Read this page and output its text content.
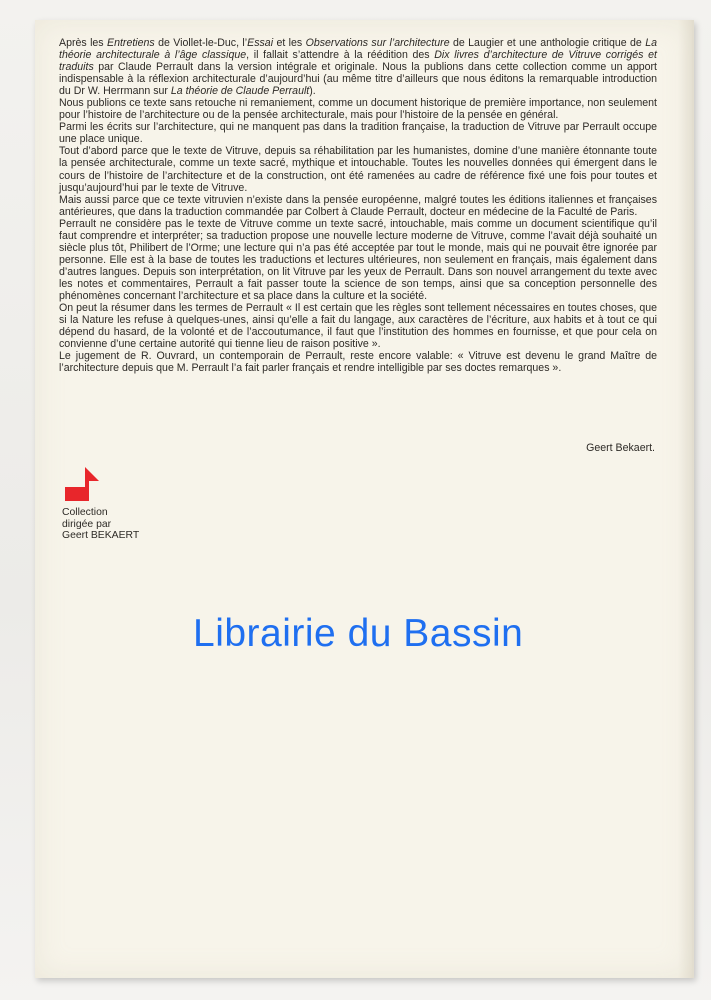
Après les Entretiens de Viollet-le-Duc, l’Essai et les Observations sur l’architecture de Laugier et une anthologie critique de La théorie architecturale à l’âge classique, il fallait s’attendre à la réédition des Dix livres d’architecture de Vitruve corrigés et traduits par Claude Perrault dans la version intégrale et originale. Nous la publions dans cette collection comme un apport indispensable à la réflexion architecturale d’aujourd’hui (au même titre d’ailleurs que nous éditons la remarquable introduction du Dr W. Herrmann sur La théorie de Claude Perrault).

Nous publions ce texte sans retouche ni remaniement, comme un document historique de première importance, non seulement pour l’histoire de l’architecture ou de la pensée architecturale, mais pour l’histoire de la pensée en général.

Parmi les écrits sur l’architecture, qui ne manquent pas dans la tradition française, la traduction de Vitruve par Perrault occupe une place unique.

Tout d’abord parce que le texte de Vitruve, depuis sa réhabilitation par les humanistes, domine d’une manière étonnante toute la pensée architecturale, comme un texte sacré, mythique et intouchable. Toutes les nouvelles données qui émergent dans le cours de l’histoire de l’architecture et de la construction, ont été ramenées au cadre de référence fixé une fois pour toutes et jusqu’aujourd’hui par le texte de Vitruve.

Mais aussi parce que ce texte vitruvien n’existe dans la pensée européenne, malgré toutes les éditions italiennes et françaises antérieures, que dans la traduction commandée par Colbert à Claude Perrault, docteur en médecine de la Faculté de Paris.

Perrault ne considère pas le texte de Vitruve comme un texte sacré, intouchable, mais comme un document scientifique qu’il faut comprendre et interpréter; sa traduction propose une nouvelle lecture moderne de Vitruve, comme l’avait déjà souhaité un siècle plus tôt, Philibert de l’Orme; une lecture qui n’a pas été acceptée par tout le monde, mais qui ne pouvait être ignorée par personne. Elle est à la base de toutes les traductions et lectures ultérieures, non seulement en français, mais également dans d’autres langues. Depuis son interprétation, on lit Vitruve par les yeux de Perrault. Dans son nouvel arrangement du texte avec les notes et commentaires, Perrault a fait passer toute la science de son temps, ainsi que sa conception personnelle des phénomènes concernant l’architecture et sa place dans la culture et la société.

On peut la résumer dans les termes de Perrault « Il est certain que les règles sont tellement nécessaires en toutes choses, que si la Nature les refuse à quelques-unes, ainsi qu’elle a fait du langage, aux caractères de l’écriture, aux habits et à tout ce qui dépend du hasard, de la volonté et de l’accoutumance, il faut que l’institution des hommes en fournisse, et que pour cela on convienne d’une certaine autorité qui tienne lieu de raison positive ».

Le jugement de R. Ouvrard, un contemporain de Perrault, reste encore valable: « Vitruve est devenu le grand Maître de l’architecture depuis que M. Perrault l’a fait parler français et rendre intelligible par ses doctes remarques ».

Geert Bekaert.
Collection
dirigée par
Geert BEKAERT
Librairie du Bassin
